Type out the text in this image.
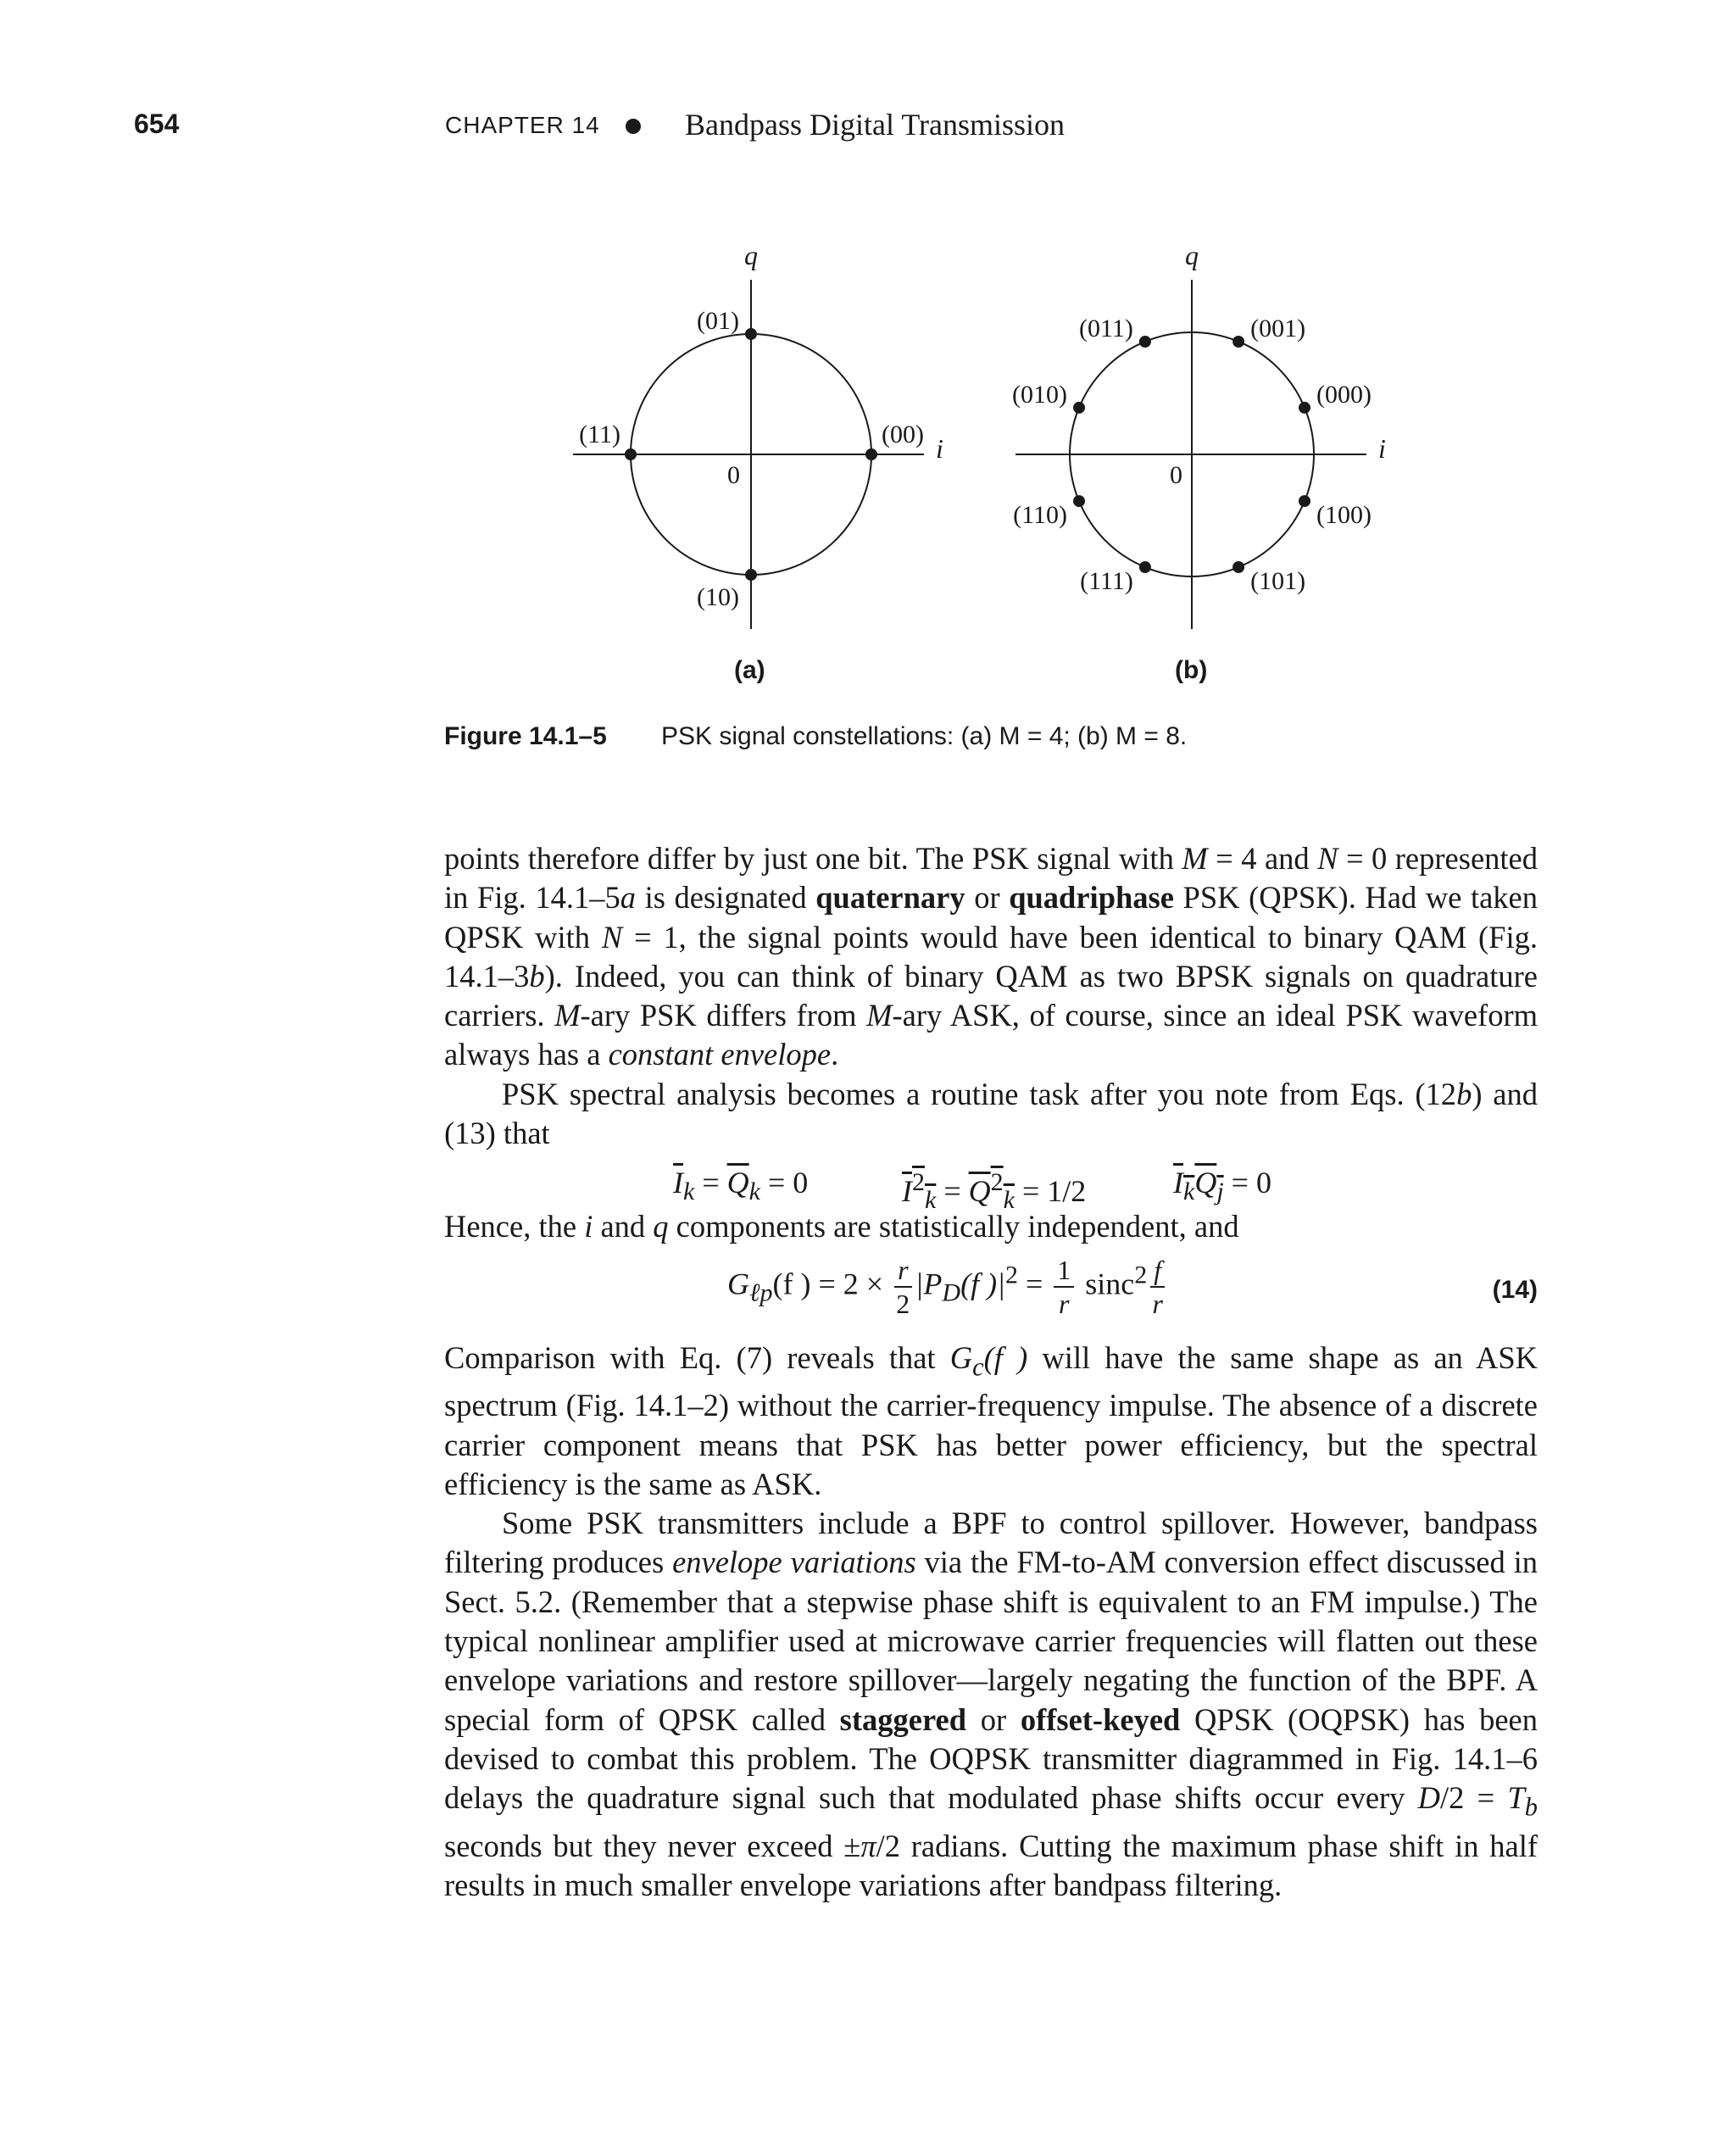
654	CHAPTER 14	Bandpass Digital Transmission
q
i
0
(00)
(01)
(11)
(10)
(a)
q
i
0
(000)
(001)
(011)
(010)
(110)
(111)	(101)
(100)
(b)
Figure 14.1–5 PSK signal constellations: (a) M = 4; (b) M = 8.

points therefore differ by just one bit. The PSK signal with M = 4 and N = 0 represented in Fig. 14.1–5a is designated quaternary or quadriphase PSK (QPSK). Had we taken QPSK with N = 1, the signal points would have been identical to binary QAM (Fig. 14.1–3b). Indeed, you can think of binary QAM as two BPSK signals on quadrature carriers. M-ary PSK differs from M-ary ASK, of course, since an ideal PSK waveform always has a constant envelope.

PSK spectral analysis becomes a routine task after you note from Eqs. (12b) and (13) that

$\overline{I}_k = \overline{Q}_k = 0$	$I^2_k = Q^2_k = 1/2$	$I_kQ_j = 0$

Hence, the i and q components are statistically independent, and

$G_{\ell p}(f$ ) = $2 \times \frac{r}{2} |P_D(f$ )$|^2 = \frac{1}{r} \sin c^2 \frac{f}{r}$	(14)

Comparison with Eq. (7) reveals that $G_c(f$ ) will have the same shape as an ASK spectrum (Fig. 14.1–2) without the carrier-frequency impulse. The absence of a discrete carrier component means that PSK has better power efficiency, but the spectral efficiency is the same as ASK.

Some PSK transmitters include a BPF to control spillover. However, bandpass filtering produces envelope variations via the FM-to-AM conversion effect discussed in Sect. 5.2. (Remember that a stepwise phase shift is equivalent to an FM impulse.) The typical nonlinear amplifier used at microwave carrier frequencies will flatten out these envelope variations and restore spillover—largely negating the function of the BPF. A special form of QPSK called staggered or offset-keyed QPSK (OQPSK) has been devised to combat this problem. The OQPSK transmitter diagrammed in Fig. 14.1–6 delays the quadrature signal such that modulated phase shifts occur every $D/2 = T_b$ seconds but they never exceed ±π/2 radians. Cutting the maximum phase shift in half results in much smaller envelope variations after bandpass filtering.
